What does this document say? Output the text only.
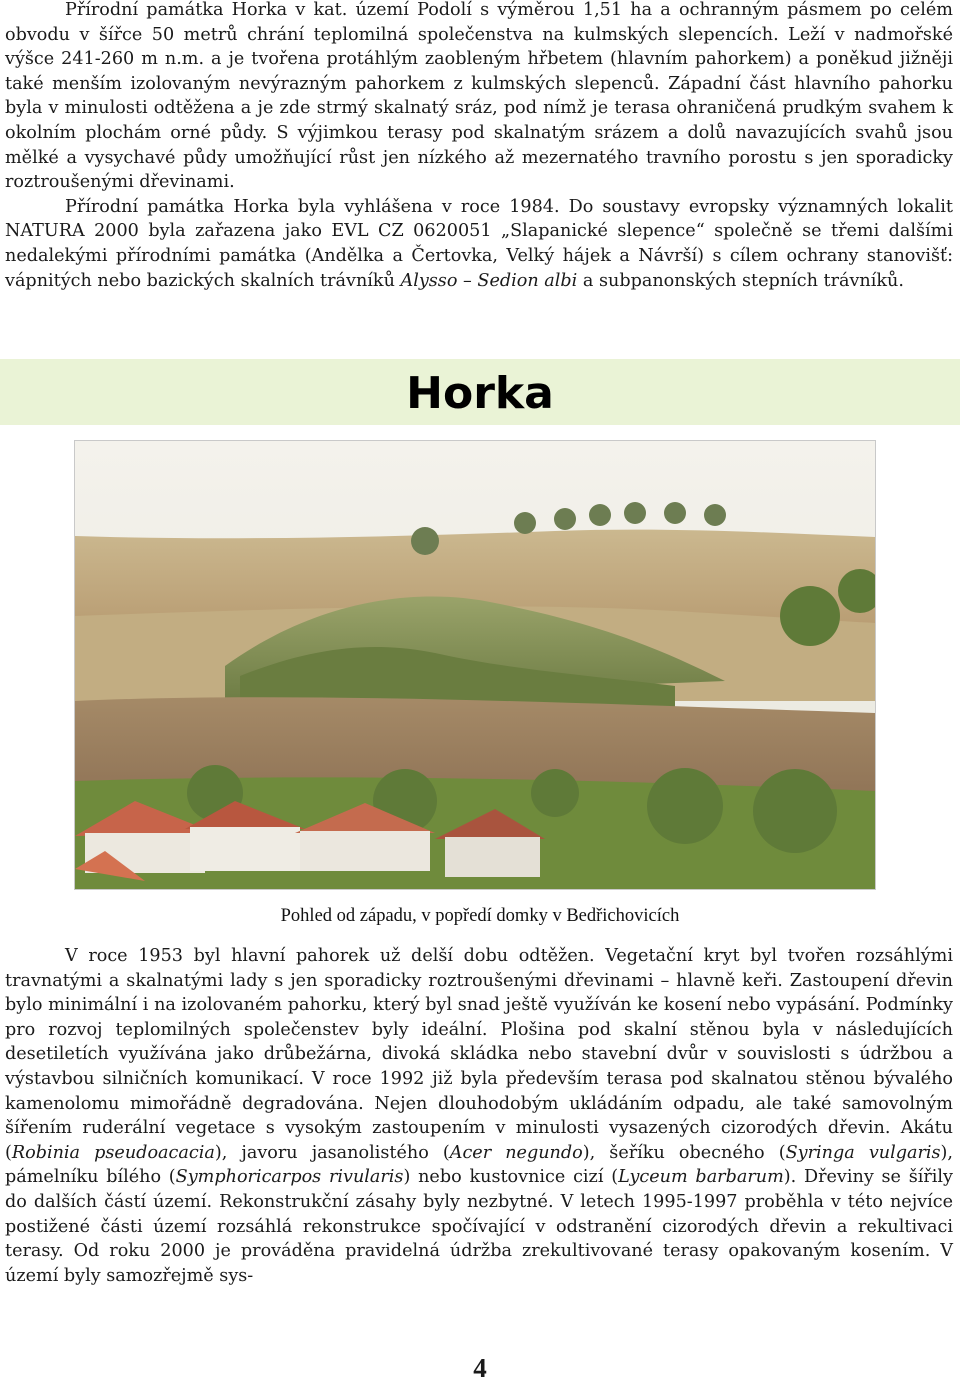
Přírodní památka Horka v kat. území Podolí s výměrou 1,51 ha a ochranným pásmem po celém obvodu v šířce 50 metrů chrání teplomilná společenstva na kulmských slepencích. Leží v nadmořské výšce 241-260 m n.m. a je tvořena protáhlým zaobleným hřbetem (hlavním pahorkem) a poněkud jižněji také menším izolovaným nevýrazným pahorkem z kulmských slepenců. Západní část hlavního pahorku byla v minulosti odtěžena a je zde strmý skalnatý sráz, pod nímž je terasa ohraničená prudkým svahem k okolním plochám orné půdy. S výjimkou terasy pod skalnatým srázem a dolů navazujících svahů jsou mělké a vysychavé půdy umožňující růst jen nízkého až mezernatého travního porostu s jen sporadicky roztroušenými dřevinami.
Přírodní památka Horka byla vyhlášena v roce 1984. Do soustavy evropsky významných lokalit NATURA 2000 byla zařazena jako EVL CZ 0620051 „Slapanické slepence“ společně se třemi dalšími nedalekými přírodními památka (Andělka a Čertovka, Velký hájek a Návrší) s cílem ochrany stanovišť: vápnitých nebo bazických skalních trávníků Alysso – Sedion albi a subpanonských stepních trávníků.
Horka
Pohled od západu, v popředí domky v Bedřichovicích
V roce 1953 byl hlavní pahorek už delší dobu odtěžen. Vegetační kryt byl tvořen rozsáhlými travnatými a skalnatými lady s jen sporadicky roztroušenými dřevinami – hlavně keři. Zastoupení dřevin bylo minimální i na izolovaném pahorku, který byl snad ještě využíván ke kosení nebo vypásání. Podmínky pro rozvoj teplomilných společenstev byly ideální. Plošina pod skalní stěnou byla v následujících desetiletích využívána jako drůbežárna, divoká skládka nebo stavební dvůr v souvislosti s údržbou a výstavbou silničních komunikací. V roce 1992 již byla především terasa pod skalnatou stěnou bývalého kamenolomu mimořádně degradována. Nejen dlouhodobým ukládáním odpadu, ale také samovolným šířením ruderální vegetace s vysokým zastoupením v minulosti vysazených cizorodých dřevin. Akátu (Robinia pseudoacacia), javoru jasanolistého (Acer negundo), šeříku obecného (Syringa vulgaris), pámelníku bílého (Symphoricarpos rivularis) nebo kustovnice cizí (Lyceum barbarum). Dřeviny se šířily do dalších částí území. Rekonstrukční zásahy byly nezbytné. V letech 1995-1997 proběhla v této nejvíce postižené části území rozsáhlá rekonstrukce spočívající v odstranění cizorodých dřevin a rekultivaci terasy. Od roku 2000 je prováděna pravidelná údržba zrekultivované terasy opakovaným kosením. V území byly samozřejmě sys-
4
